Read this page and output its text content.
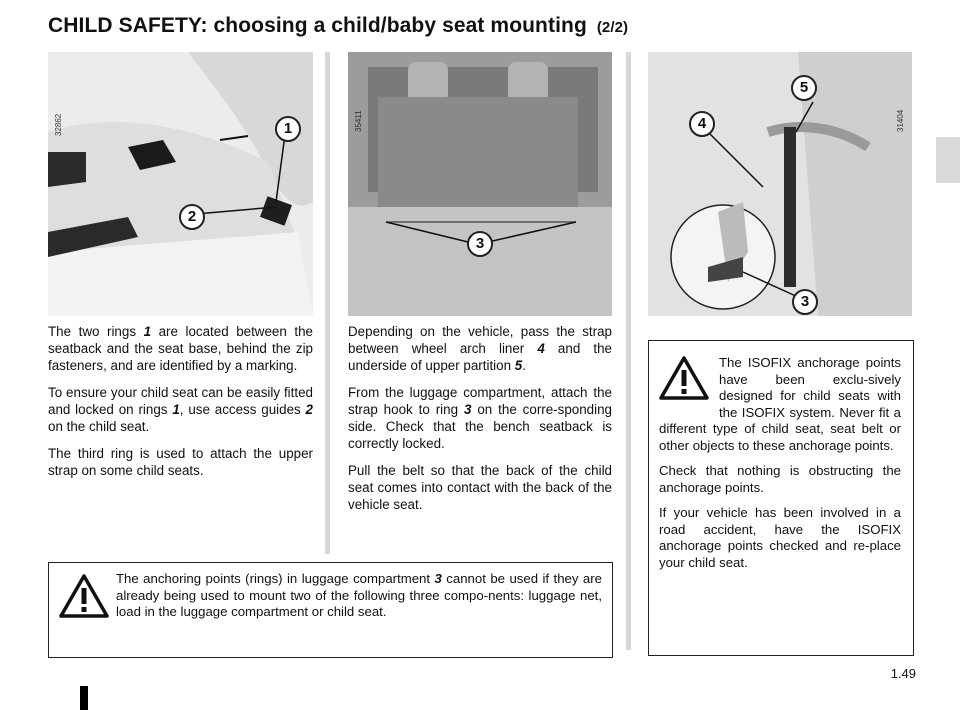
CHILD SAFETY: choosing a child/baby seat mounting (2/2)
1
2
32862
3
35411
5
4
3
31404

The two rings 1 are located between the seatback and the seat base, behind the zip fasteners, and are identified by a marking.

To ensure your child seat can be easily fitted and locked on rings 1, use access guides 2 on the child seat.

The third ring is used to attach the upper strap on some child seats.

Depending on the vehicle, pass the strap between wheel arch liner 4 and the underside of upper partition 5.

From the luggage compartment, attach the strap hook to ring 3 on the corre-sponding side. Check that the bench seatback is correctly locked.

Pull the belt so that the back of the child seat comes into contact with the back of the vehicle seat.

The ISOFIX anchorage points have been exclu-sively designed for child seats with the ISOFIX system. Never fit a different type of child seat, seat belt or other objects to these anchorage points.

Check that nothing is obstructing the anchorage points.

If your vehicle has been involved in a road accident, have the ISOFIX anchorage points checked and re-place your child seat.

The anchoring points (rings) in luggage compartment 3 cannot be used if they are already being used to mount two of the following three compo-nents: luggage net, load in the luggage compartment or child seat.

1.49
